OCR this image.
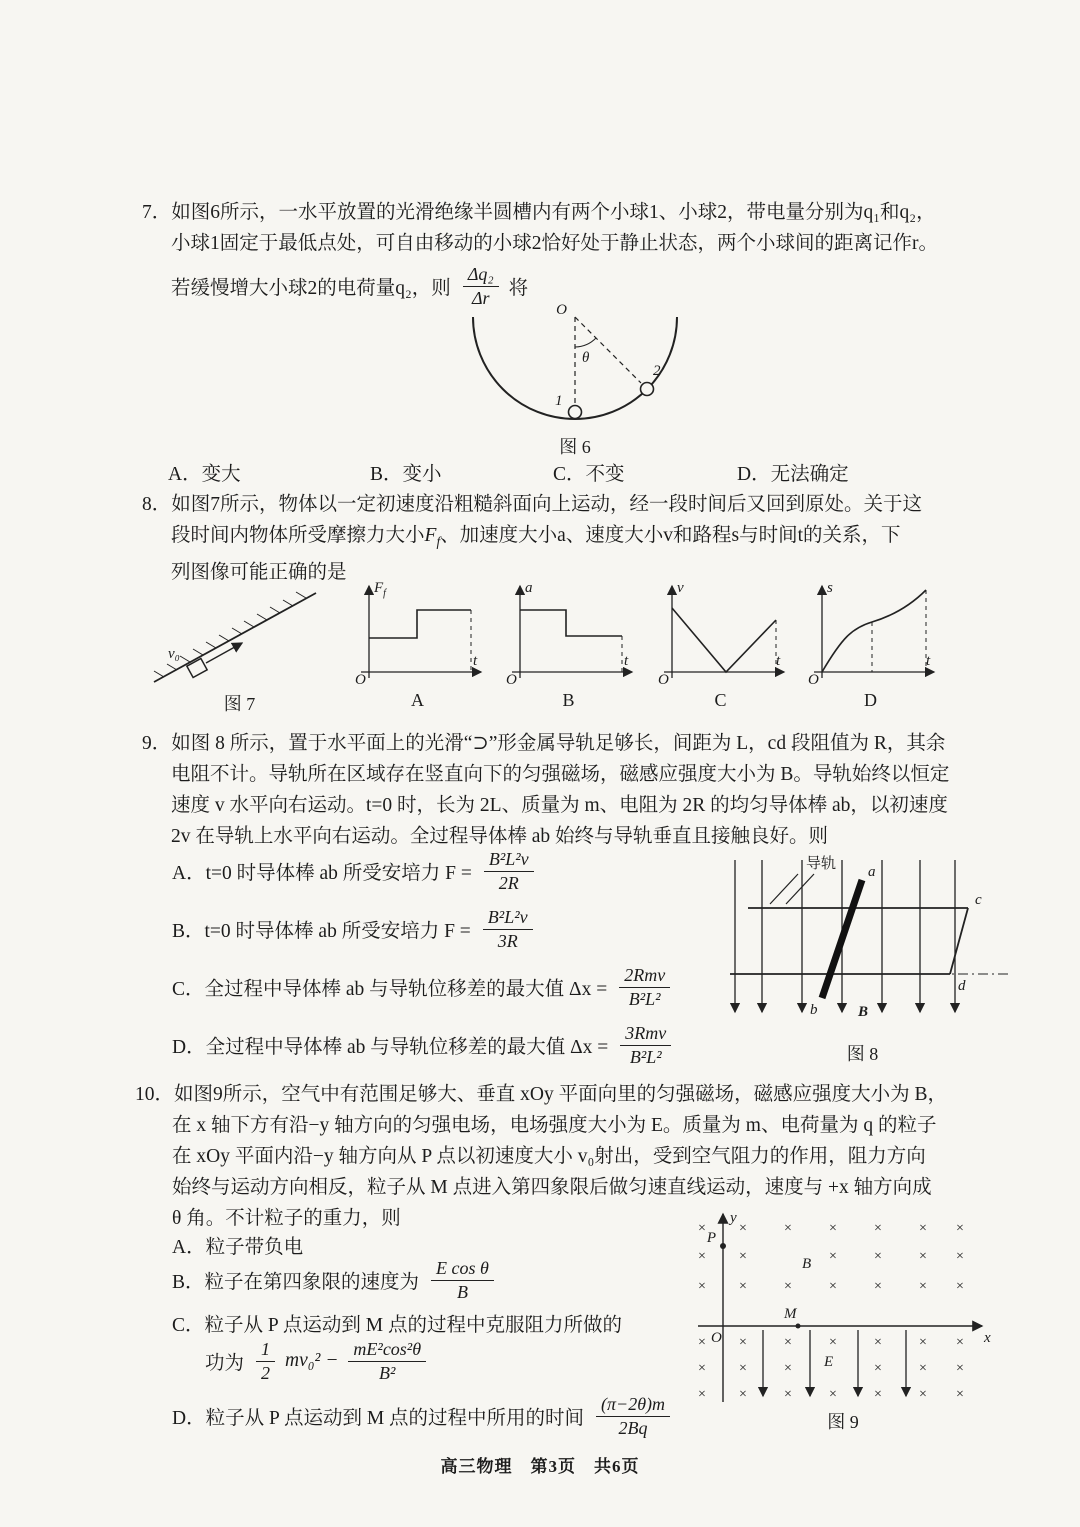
7．如图6所示，一水平放置的光滑绝缘半圆槽内有两个小球1、小球2，带电量分别为q₁和q₂，
小球1固定于最低点处，可自由移动的小球2恰好处于静止状态，两个小球间的距离记作r。
若缓慢增大小球2的电荷量q₂，则 $\frac{\text{Δq₂}}{\Delta r}$ 将
O
θ
2
1
图 6
A．变大	B．变小	C．不变	D．无法确定
8．如图7所示，物体以一定初速度沿粗糙斜面向上运动，经一段时间后又回到原处。关于这
段时间内物体所受摩擦力大小$F_f$、加速度大小a、速度大小v和路程s与时间t的关系，下
列图像可能正确的是
v₀
图 7
$F_f$
t
O
A
a
t
O
B
v
t
O
C
s
t
O
D
9．如图 8 所示，置于水平面上的光滑“⊃”形金属导轨足够长，间距为 L，cd 段阻值为 R，其余
电阻不计。导轨所在区域存在竖直向下的匀强磁场，磁感应强度大小为 B。导轨始终以恒定
速度 v 水平向右运动。t=0 时，长为 2L、质量为 m、电阻为 2R 的均匀导体棒 ab，以初速度
2v 在导轨上水平向右运动。全过程导体棒 ab 始终与导轨垂直且接触良好。则
A．t=0 时导体棒 ab 所受安培力 $F = \frac{\text{B²L²v}}{2R}$
B．t=0 时导体棒 ab 所受安培力 $F = \frac{\text{B²L²v}}{3R}$
C．全过程中导体棒 ab 与导轨位移差的最大值 $\Delta x = \frac{\text{2Rmv}}{\text{B²L²}}$
D．全过程中导体棒 ab 与导轨位移差的最大值 $\Delta x = \frac{\text{3Rmv}}{\text{B²L²}}$
导轨 a
b
c
d
B
图 8
10．如图9所示，空气中有范围足够大、垂直 xOy 平面向里的匀强磁场，磁感应强度大小为 B，
在 x 轴下方有沿−y 轴方向的匀强电场，电场强度大小为 E。质量为 m、电荷量为 q 的粒子
在 xOy 平面内沿−y 轴方向从 P 点以初速度大小 v₀射出，受到空气阻力的作用，阻力方向
始终与运动方向相反，粒子从 M 点进入第四象限后做匀速直线运动，速度与 +x 轴方向成
θ 角。不计粒子的重力，则
A．粒子带负电
B．粒子在第四象限的速度为 $\frac{\text{E cos θ}}{B}$
C．粒子从 P 点运动到 M 点的过程中克服阻力所做的
功为 $\frac{1}{2} mv_0^2 - \frac{\text{mE²cos²θ}}{\text{B²}}$
D．粒子从 P 点运动到 M 点的过程中所用的时间 $\frac{(\pi-2\theta)m}{2Bq}$
×
×
×
×
×
×
×
×
×
×
×
×
×
×
×
×
×
×
×
×
×
×
×
×
×
×
×
×
×
×
×
×
×
×
×
×
×
×
×
×
P
M
B
E
y
x
O
图 9
高三物理　第3页　共6页
